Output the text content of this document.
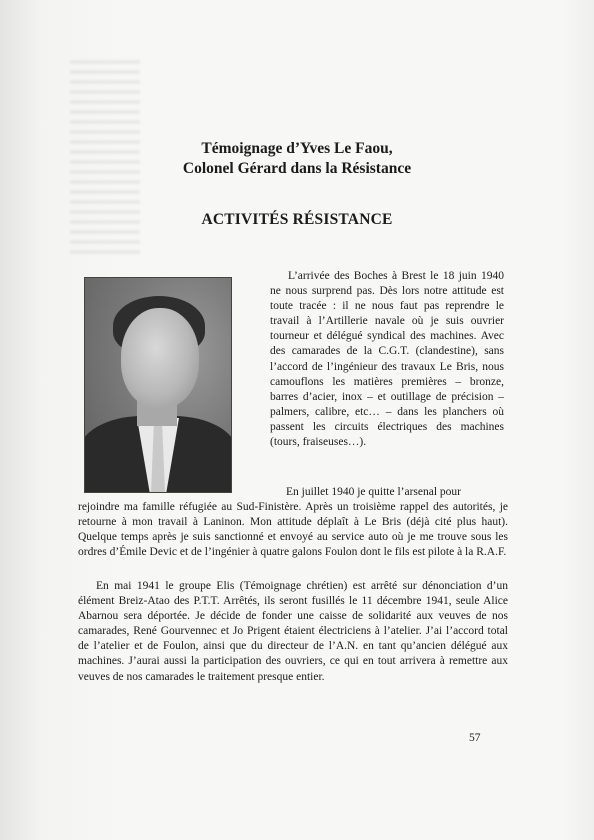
Témoignage d’Yves Le Faou,
Colonel Gérard dans la Résistance
ACTIVITÉS RÉSISTANCE
L’arrivée des Boches à Brest le 18 juin 1940 ne nous surprend pas. Dès lors notre attitude est toute tracée : il ne nous faut pas reprendre le travail à l’Artillerie navale où je suis ouvrier tourneur et délégué syndical des machines. Avec des camarades de la C.G.T. (clandestine), sans l’accord de l’ingénieur des travaux Le Bris, nous camouflons les matières premières – bronze, barres d’acier, inox – et outillage de précision – palmers, calibre, etc… – dans les planchers où passent les circuits électriques des machines (tours, fraiseuses…).
En juillet 1940 je quitte l’arsenal pour
rejoindre ma famille réfugiée au Sud-Finistère. Après un troisième rappel des autorités, je retourne à mon travail à Laninon. Mon attitude déplaît à Le Bris (déjà cité plus haut). Quelque temps après je suis sanctionné et envoyé au service auto où je me trouve sous les ordres d’Émile Devic et de l’ingénier à quatre galons Foulon dont le fils est pilote à la R.A.F.
En mai 1941 le groupe Elis (Témoignage chrétien) est arrêté sur dénonciation d’un élément Breiz-Atao des P.T.T. Arrêtés, ils seront fusillés le 11 décembre 1941, seule Alice Abarnou sera déportée. Je décide de fonder une caisse de solidarité aux veuves de nos camarades, René Gourvennec et Jo Prigent étaient électriciens à l’atelier. J’ai l’accord total de l’atelier et de Foulon, ainsi que du directeur de l’A.N. en tant qu’ancien délégué aux machines. J’aurai aussi la participation des ouvriers, ce qui en tout arrivera à remettre aux veuves de nos camarades le traitement presque entier.
57
